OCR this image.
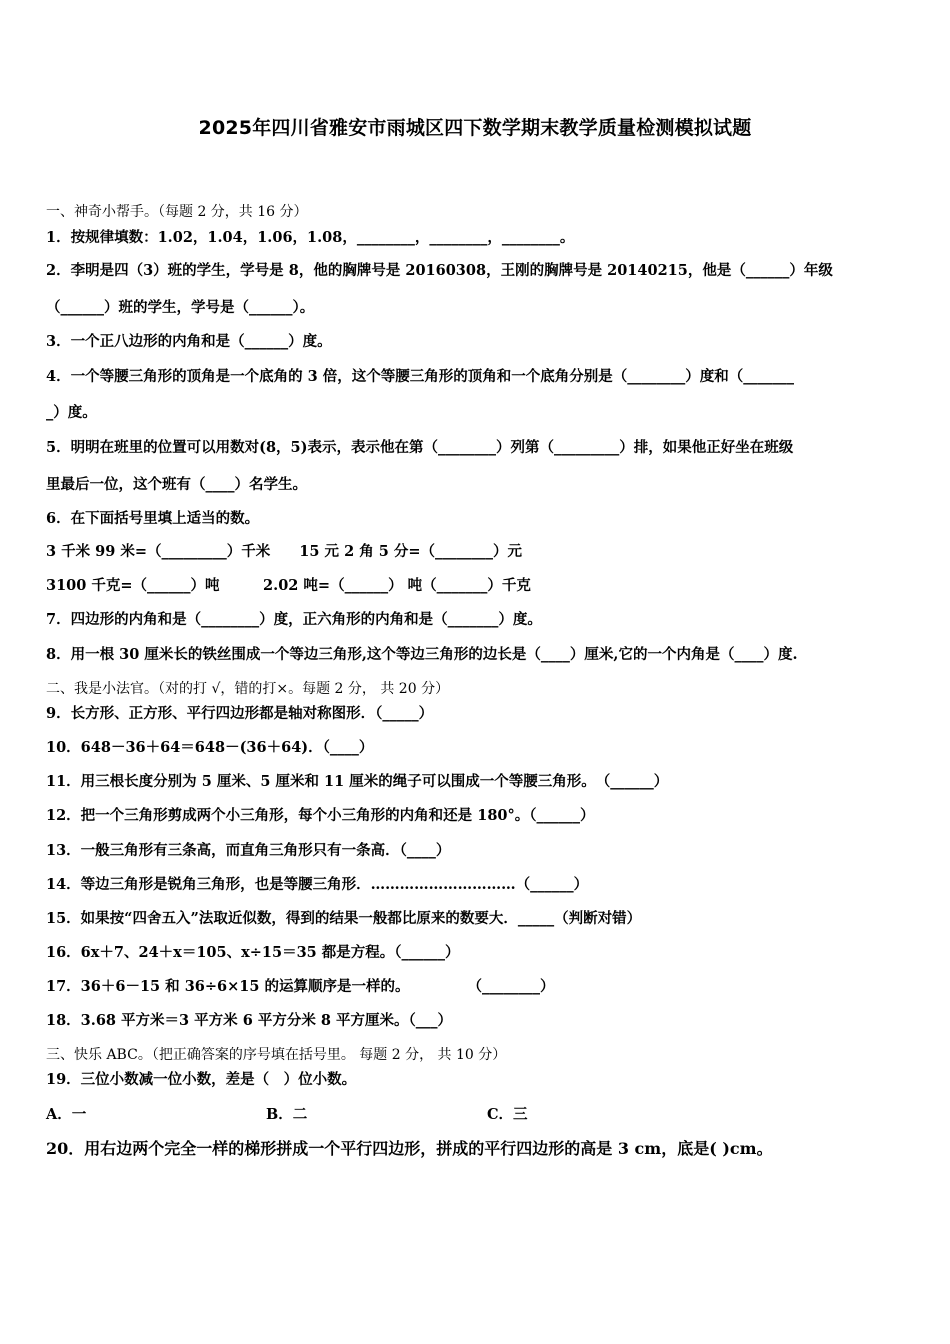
2025年四川省雅安市雨城区四下数学期末教学质量检测模拟试题
一、神奇小帮手。（每题 2 分，共 16 分）
1．按规律填数：1.02，1.04，1.06，1.08，________，________，________。
2．李明是四（3）班的学生，学号是 8，他的胸牌号是 20160308，王刚的胸牌号是 20140215，他是（______）年级
（______）班的学生，学号是（______）。
3．一个正八边形的内角和是（______）度。
4．一个等腰三角形的顶角是一个底角的 3 倍，这个等腰三角形的顶角和一个底角分别是（________）度和（_______
_）度。
5．明明在班里的位置可以用数对(8，5)表示，表示他在第（________）列第（_________）排，如果他正好坐在班级
里最后一位，这个班有（____）名学生。
6．在下面括号里填上适当的数。
3 千米 99 米=（_________）千米　　15 元 2 角 5 分=（________）元
3100 千克=（______）吨　　　2.02 吨=（______） 吨（_______）千克
7．四边形的内角和是（________）度，正六角形的内角和是（_______）度。
8．用一根 30 厘米长的铁丝围成一个等边三角形,这个等边三角形的边长是（____）厘米,它的一个内角是（____）度.
二、我是小法官。（对的打 √，错的打×。每题 2 分， 共 20 分）
9．长方形、正方形、平行四边形都是轴对称图形．（_____）
10．648－36＋64＝648－(36＋64)．（____）
11．用三根长度分别为 5 厘米、5 厘米和 11 厘米的绳子可以围成一个等腰三角形。　（______）
12．把一个三角形剪成两个小三角形，每个小三角形的内角和还是 180°。（______）
13．一般三角形有三条高，而直角三角形只有一条高．（____）
14．等边三角形是锐角三角形，也是等腰三角形．…………………………（______）
15．如果按“四舍五入”法取近似数，得到的结果一般都比原来的数要大．_____（判断对错）
16．6x＋7、24＋x＝105、x÷15＝35 都是方程。（______）
17．36＋6－15 和 36÷6×15 的运算顺序是一样的。　　　　　（________）
18．3.68 平方米＝3 平方米 6 平方分米 8 平方厘米。（___）
三、快乐 ABC。（把正确答案的序号填在括号里。 每题 2 分， 共 10 分）
19．三位小数减一位小数，差是（　）位小数。
A．一	B．二	C．三
20．用右边两个完全一样的梯形拼成一个平行四边形，拼成的平行四边形的高是 3 cm，底是( )cm。
